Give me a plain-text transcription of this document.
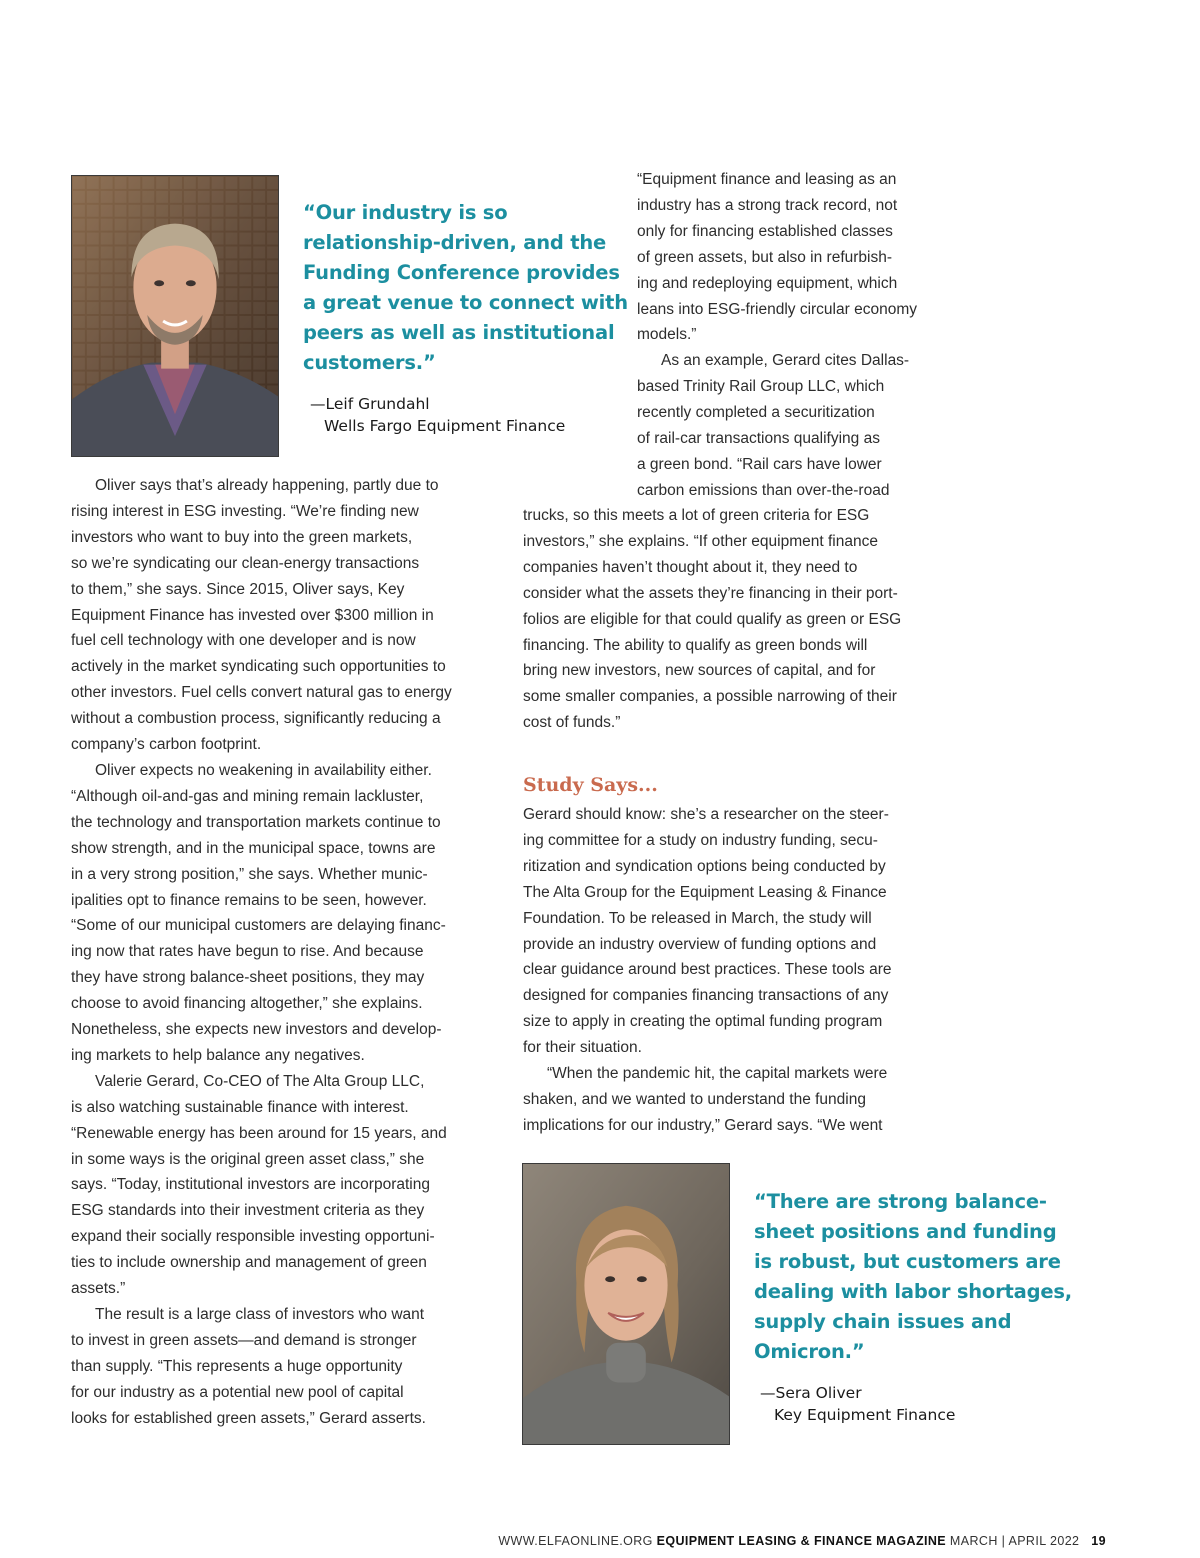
“Our industry is so
relationship-driven, and the
Funding Conference provides
a great venue to connect with
peers as well as institutional
customers.”

—Leif Grundahl
Wells Fargo Equipment Finance

“Equipment finance and leasing as an
industry has a strong track record, not
only for financing established classes
of green assets, but also in refurbish-
ing and redeploying equipment, which
leans into ESG-friendly circular economy
models.”

As an example, Gerard cites Dallas-
based Trinity Rail Group LLC, which
recently completed a securitization
of rail-car transactions qualifying as
a green bond. “Rail cars have lower
carbon emissions than over-the-road

trucks, so this meets a lot of green criteria for ESG
investors,” she explains. “If other equipment finance
companies haven’t thought about it, they need to
consider what the assets they’re financing in their port-
folios are eligible for that could qualify as green or ESG
financing. The ability to qualify as green bonds will
bring new investors, new sources of capital, and for
some smaller companies, a possible narrowing of their
cost of funds.”

Study Says...

Gerard should know: she’s a researcher on the steer-
ing committee for a study on industry funding, secu-
ritization and syndication options being conducted by
The Alta Group for the Equipment Leasing & Finance
Foundation. To be released in March, the study will
provide an industry overview of funding options and
clear guidance around best practices. These tools are
designed for companies financing transactions of any
size to apply in creating the optimal funding program
for their situation.

“When the pandemic hit, the capital markets were
shaken, and we wanted to understand the funding
implications for our industry,” Gerard says. “We went

Oliver says that’s already happening, partly due to
rising interest in ESG investing. “We’re finding new
investors who want to buy into the green markets,
so we’re syndicating our clean-energy transactions
to them,” she says. Since 2015, Oliver says, Key
Equipment Finance has invested over $300 million in
fuel cell technology with one developer and is now
actively in the market syndicating such opportunities to
other investors. Fuel cells convert natural gas to energy
without a combustion process, significantly reducing a
company’s carbon footprint.

Oliver expects no weakening in availability either.
“Although oil-and-gas and mining remain lackluster,
the technology and transportation markets continue to
show strength, and in the municipal space, towns are
in a very strong position,” she says. Whether munic-
ipalities opt to finance remains to be seen, however.
“Some of our municipal customers are delaying financ-
ing now that rates have begun to rise. And because
they have strong balance-sheet positions, they may
choose to avoid financing altogether,” she explains.
Nonetheless, she expects new investors and develop-
ing markets to help balance any negatives.

Valerie Gerard, Co-CEO of The Alta Group LLC,
is also watching sustainable finance with interest.
“Renewable energy has been around for 15 years, and
in some ways is the original green asset class,” she
says. “Today, institutional investors are incorporating
ESG standards into their investment criteria as they
expand their socially responsible investing opportuni-
ties to include ownership and management of green
assets.”

The result is a large class of investors who want
to invest in green assets—and demand is stronger
than supply. “This represents a huge opportunity
for our industry as a potential new pool of capital
looks for established green assets,” Gerard asserts.

“There are strong balance-
sheet positions and funding
is robust, but customers are
dealing with labor shortages,
supply chain issues and
Omicron.”

—Sera Oliver
Key Equipment Finance
WWW.ELFAONLINE.ORG EQUIPMENT LEASING & FINANCE MAGAZINE MARCH | APRIL 2022 19
